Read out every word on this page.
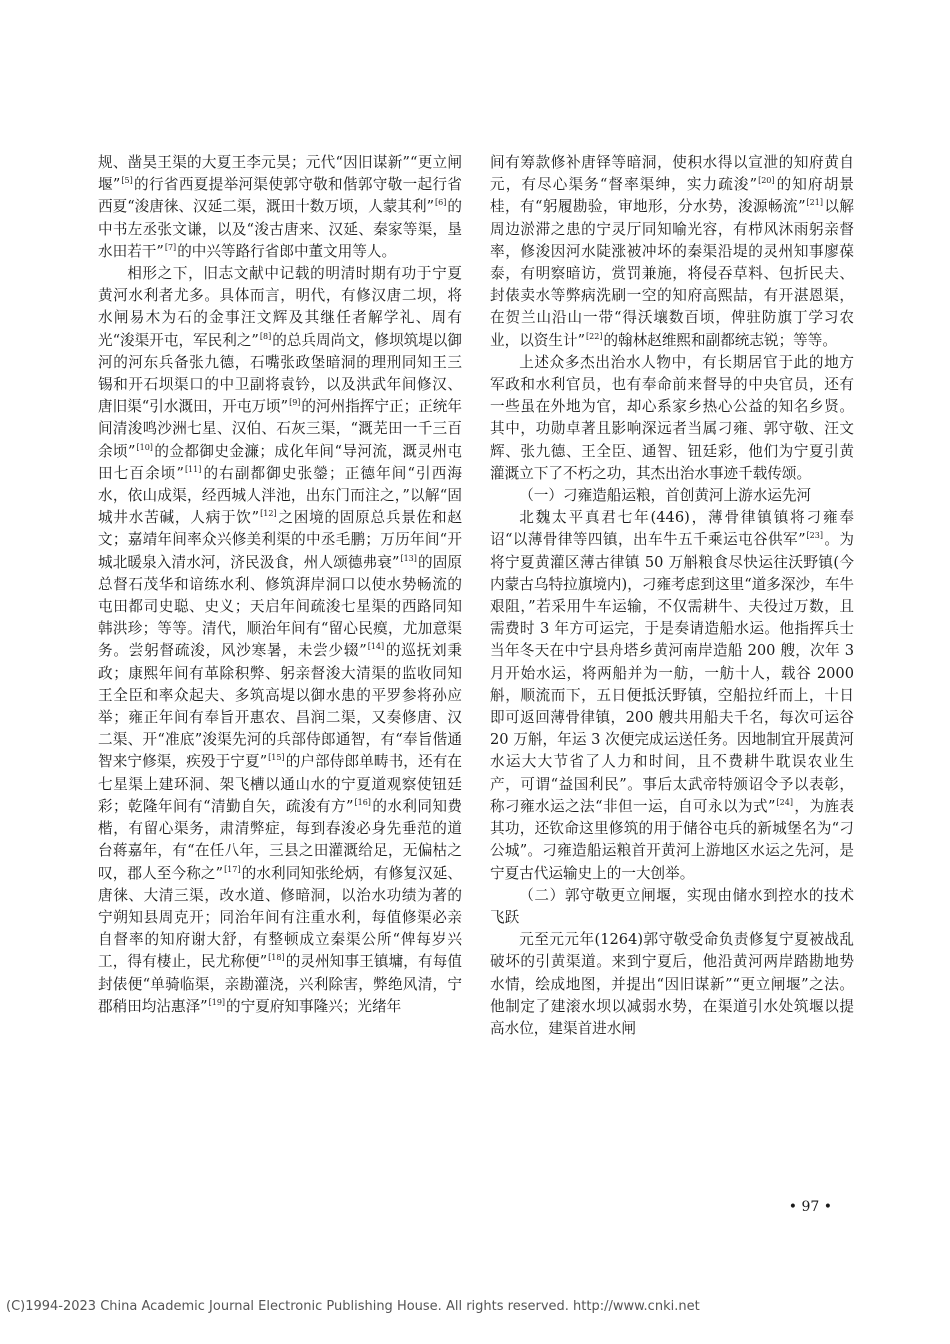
规、凿昊王渠的大夏王李元昊；元代“因旧谋新”“更立闸堰”[5]的行省西夏提举河渠使郭守敬和偕郭守敬一起行省西夏“浚唐徕、汉延二渠，溉田十数万顷，人蒙其利”[6]的中书左丞张文谦，以及“浚古唐来、汉延、秦家等渠，垦水田若干”[7]的中兴等路行省郎中董文用等人。

相形之下，旧志文献中记载的明清时期有功于宁夏黄河水利者尤多。具体而言，明代，有修汉唐二坝，将水闸易木为石的金事汪文辉及其继任者解学礼、周有光“浚渠开屯，军民利之”[8]的总兵周尚文，修坝筑堤以御河的河东兵备张九德，石嘴张政堡暗洞的理刑同知王三锡和开石坝渠口的中卫副将袁钤，以及洪武年间修汉、唐旧渠“引水溉田，开屯万顷”[9]的河州指挥宁正；正统年间清浚鸣沙洲七星、汉伯、石灰三渠，“溉芜田一千三百余顷”[10]的佥都御史金濂；成化年间“导河流，溉灵州屯田七百余顷”[11]的右副都御史张鎣；正德年间“引西海水，依山成渠，经西城人泮池，出东门而注之，”以解“固城井水苦碱，人病于饮”[12]之困境的固原总兵景佐和赵文；嘉靖年间率众兴修美利渠的中丞毛鹏；万历年间“开城北暖泉入清水河，济民汲食，州人颂德弗衰”[13]的固原总督石茂华和谙练水利、修筑湃岸洞口以使水势畅流的屯田都司史聪、史义；天启年间疏浚七星渠的西路同知韩洪珍；等等。清代，顺治年间有“留心民瘼，尤加意渠务。尝躬督疏浚，风沙寒暑，未尝少辍”[14]的巡抚刘秉政；康熙年间有革除积弊、躬亲督浚大清渠的监收同知王全臣和率众起夫、多筑高堤以御水患的平罗参将孙应举；雍正年间有奉旨开惠农、昌润二渠，又奏修唐、汉二渠、开“准底”浚渠先河的兵部侍郎通智，有“奉旨偕通智来宁修渠，疾殁于宁夏”[15]的户部侍郎单畴书，还有在七星渠上建环洞、架飞槽以通山水的宁夏道观察使钮廷彩；乾隆年间有“清勤自矢，疏浚有方”[16]的水利同知费楷，有留心渠务，肃清弊症，每到春浚必身先垂范的道台蒋嘉年，有“在任八年，三县之田灌溉给足，无偏枯之叹，郡人至今称之”[17]的水利同知张纶炳，有修复汉延、唐徕、大清三渠，改水道、修暗洞，以治水功绩为著的宁朔知县周克开；同治年间有注重水利，每值修渠必亲自督率的知府谢大舒，有整顿成立秦渠公所“俾每岁兴工，得有棲止，民尤称便”[18]的灵州知事王镇墉，有每值封俵便“单骑临渠，亲勘灌浇，兴利除害，弊绝风清，宁郡稍田均沾惠泽”[19]的宁夏府知事隆兴；光绪年

间有筹款修补唐铎等暗洞，使积水得以宣泄的知府黄自元，有尽心渠务“督率渠绅，实力疏浚”[20]的知府胡景桂，有“躬履勘验，审地形，分水势，浚源畅流”[21]以解周边淤滞之患的宁灵厅同知喻光容，有栉风沐雨躬亲督率，修浚因河水陡涨被冲坏的秦渠沿堤的灵州知事廖葆泰，有明察暗访，赏罚兼施，将侵吞草料、包折民夫、封俵卖水等弊病洗刷一空的知府高熙喆，有开湛恩渠，在贺兰山沿山一带“得沃壤数百顷，俾驻防旗丁学习农业，以资生计”[22]的翰林赵维熙和副都统志锐；等等。

上述众多杰出治水人物中，有长期居官于此的地方军政和水利官员，也有奉命前来督导的中央官员，还有一些虽在外地为官，却心系家乡热心公益的知名乡贤。其中，功勋卓著且影响深远者当属刁雍、郭守敬、汪文辉、张九德、王全臣、通智、钮廷彩，他们为宁夏引黄灌溉立下了不朽之功，其杰出治水事迹千载传颂。

（一）刁雍造船运粮，首创黄河上游水运先河

北魏太平真君七年(446)，薄骨律镇镇将刁雍奉诏“以薄骨律等四镇，出车牛五千乘运屯谷供军”[23]。为将宁夏黄灌区薄古律镇 50 万斛粮食尽快运往沃野镇(今内蒙古乌特拉旗境内)，刁雍考虑到这里“道多深沙，车牛艰阻，”若采用牛车运输，不仅需耕牛、夫役过万数，且需费时 3 年方可运完，于是奏请造船水运。他指挥兵士当年冬天在中宁县舟塔乡黄河南岸造船 200 艘，次年 3 月开始水运，将两船并为一舫，一舫十人，载谷 2000 斛，顺流而下，五日便抵沃野镇，空船拉纤而上，十日即可返回薄骨律镇，200 艘共用船夫千名，每次可运谷 20 万斛，年运 3 次便完成运送任务。因地制宜开展黄河水运大大节省了人力和时间，且不费耕牛耽误农业生产，可谓“益国利民”。事后太武帝特颁诏令予以表彰，称刁雍水运之法“非但一运，自可永以为式”[24]，为旌表其功，还钦命这里修筑的用于储谷屯兵的新城堡名为“刁公城”。刁雍造船运粮首开黄河上游地区水运之先河，是宁夏古代运输史上的一大创举。

（二）郭守敬更立闸堰，实现由储水到控水的技术飞跃

元至元元年(1264)郭守敬受命负责修复宁夏被战乱破坏的引黄渠道。来到宁夏后，他沿黄河两岸踏勘地势水情，绘成地图，并提出“因旧谋新”“更立闸堰”之法。他制定了建滚水坝以减弱水势，在渠道引水处筑堰以提高水位，建渠首进水闸

• 97 •
(C)1994-2023 China Academic Journal Electronic Publishing House. All rights reserved. http://www.cnki.net
